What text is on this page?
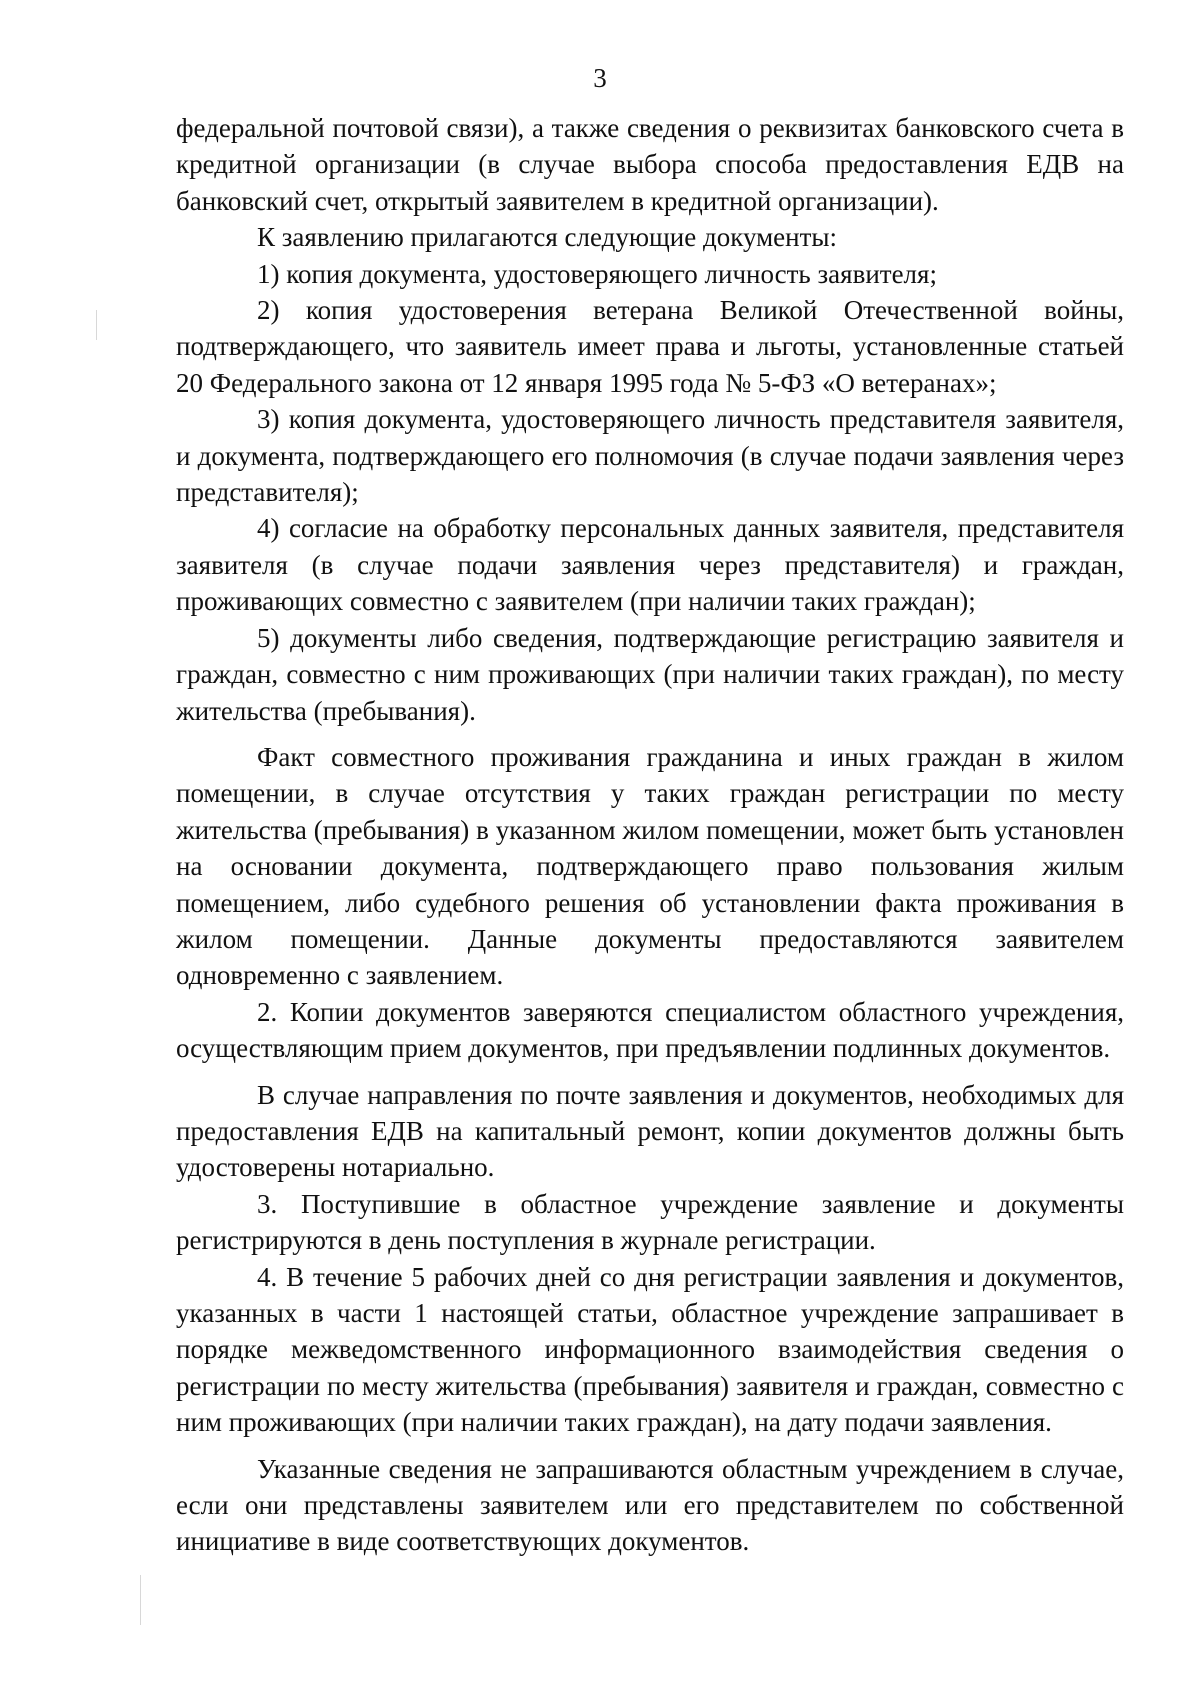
3

федеральной почтовой связи), а также сведения о реквизитах банковского счета в кредитной организации (в случае выбора способа предоставления ЕДВ на банковский счет, открытый заявителем в кредитной организации).

К заявлению прилагаются следующие документы:

1) копия документа, удостоверяющего личность заявителя;

2) копия удостоверения ветерана Великой Отечественной войны, подтверждающего, что заявитель имеет права и льготы, установленные статьей 20 Федерального закона от 12 января 1995 года № 5-ФЗ «О ветеранах»;

3) копия документа, удостоверяющего личность представителя заявителя, и документа, подтверждающего его полномочия (в случае подачи заявления через представителя);

4) согласие на обработку персональных данных заявителя, представителя заявителя (в случае подачи заявления через представителя) и граждан, проживающих совместно с заявителем (при наличии таких граждан);

5) документы либо сведения, подтверждающие регистрацию заявителя и граждан, совместно с ним проживающих (при наличии таких граждан), по месту жительства (пребывания).

Факт совместного проживания гражданина и иных граждан в жилом помещении, в случае отсутствия у таких граждан регистрации по месту жительства (пребывания) в указанном жилом помещении, может быть установлен на основании документа, подтверждающего право пользования жилым помещением, либо судебного решения об установлении факта проживания в жилом помещении. Данные документы предоставляются заявителем одновременно с заявлением.

2. Копии документов заверяются специалистом областного учреждения, осуществляющим прием документов, при предъявлении подлинных документов.

В случае направления по почте заявления и документов, необходимых для предоставления ЕДВ на капитальный ремонт, копии документов должны быть удостоверены нотариально.

3. Поступившие в областное учреждение заявление и документы регистрируются в день поступления в журнале регистрации.

4. В течение 5 рабочих дней со дня регистрации заявления и документов, указанных в части 1 настоящей статьи, областное учреждение запрашивает в порядке межведомственного информационного взаимодействия сведения о регистрации по месту жительства (пребывания) заявителя и граждан, совместно с ним проживающих (при наличии таких граждан), на дату подачи заявления.

Указанные сведения не запрашиваются областным учреждением в случае, если они представлены заявителем или его представителем по собственной инициативе в виде соответствующих документов.
